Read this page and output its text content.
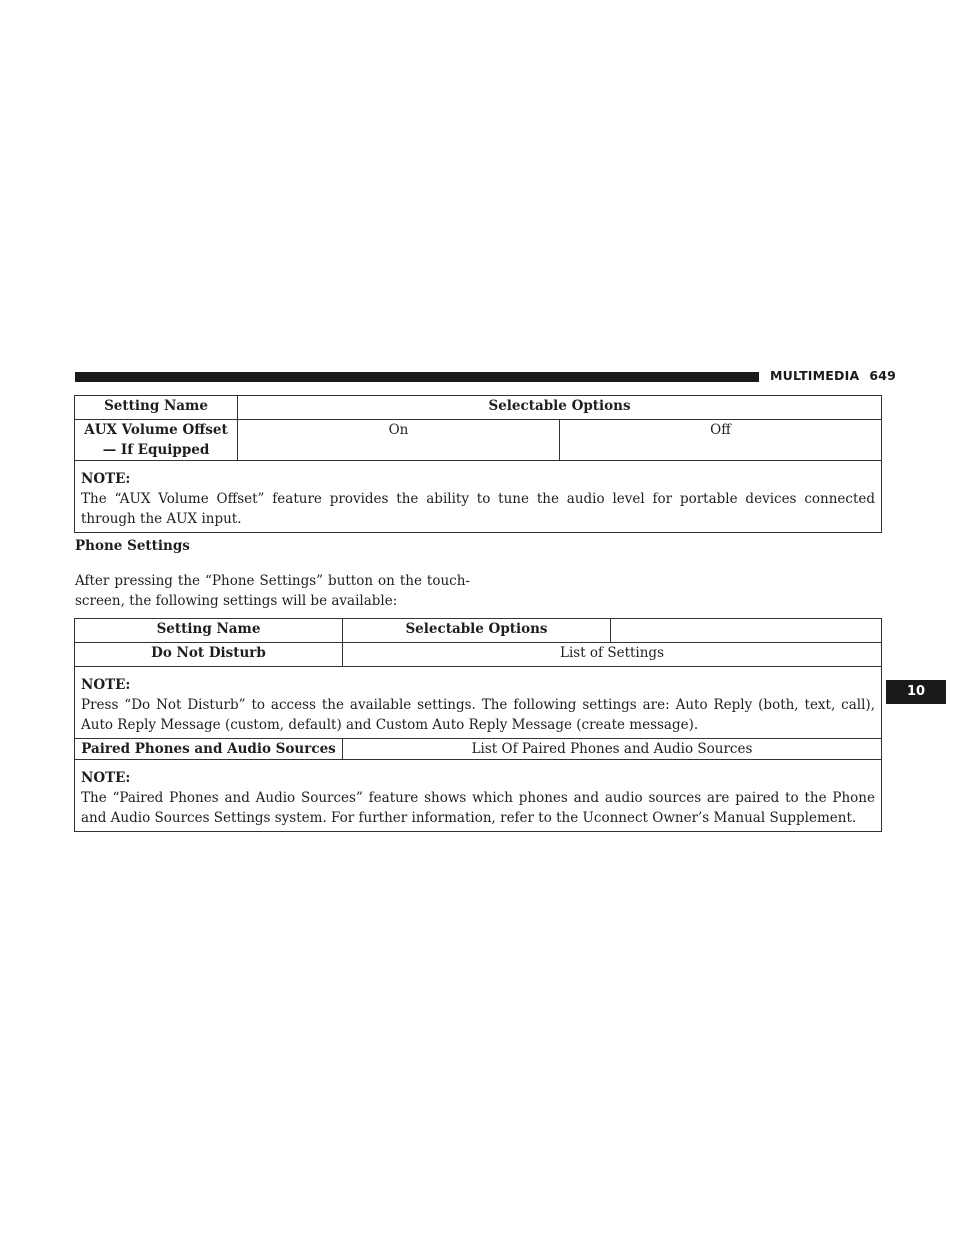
MULTIMEDIA 649
10
Setting Name	Selectable Options	
AUX Volume Offset
— If Equipped	On	Off

NOTE:
The “AUX Volume Offset” feature provides the ability to tune the audio level for portable devices connected through the AUX input.		
Phone Settings
After pressing the “Phone Settings” button on the touch-screen, the following settings will be available:
Setting Name	Selectable Options	
Do Not Disturb	List of Settings	

NOTE:
Press “Do Not Disturb” to access the available settings. The following settings are: Auto Reply (both, text, call), Auto Reply Message (custom, default) and Custom Auto Reply Message (create message).		
Paired Phones and Audio Sources	List Of Paired Phones and Audio Sources	

NOTE:
The “Paired Phones and Audio Sources” feature shows which phones and audio sources are paired to the Phone and Audio Sources Settings system. For further information, refer to the Uconnect Owner’s Manual Supplement.		
